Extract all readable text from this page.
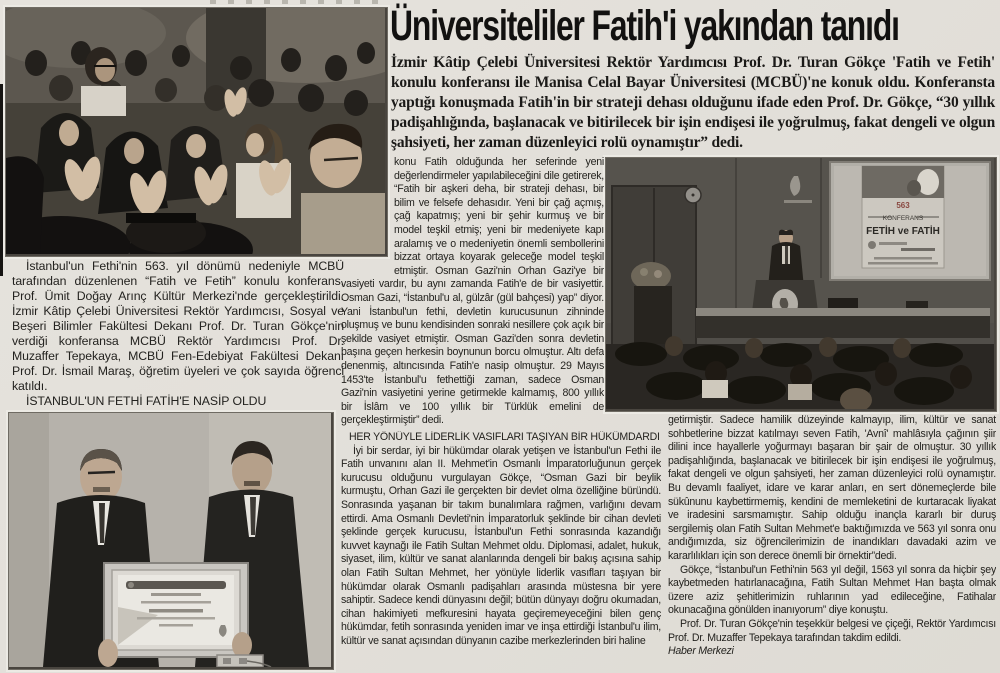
Üniversiteliler Fatih'i yakından tanıdı

İzmir Kâtip Çelebi Üniversitesi Rektör Yardımcısı Prof. Dr. Turan Gökçe 'Fatih ve Fetih' konulu konferansı ile Manisa Celal Bayar Üniversitesi (MCBÜ)'ne konuk oldu. Konferansta yaptığı konuşmada Fatih'in bir strateji dehası olduğunu ifade eden Prof. Dr. Gökçe, “30 yıllık padişahlığında, başlanacak ve bitirilecek bir işin endişesi ile yoğrulmuş, fakat dengeli ve olgun şahsiyeti, her zaman düzenleyici rolü oynamıştır” dedi.

İstanbul'un Fethi'nin 563. yıl dönümü nedeniyle MCBÜ tarafından düzenlenen “Fatih ve Fetih” konulu konferans, Prof. Ümit Doğay Arınç Kültür Merkezi'nde gerçekleştirildi. İzmir Kâtip Çelebi Üniversitesi Rektör Yardımcısı, Sosyal ve Beşeri Bilimler Fakültesi Dekanı Prof. Dr. Turan Gökçe'nin verdiği konferansa MCBÜ Rektör Yardımcısı Prof. Dr. Muzaffer Tepekaya, MCBÜ Fen-Edebiyat Fakültesi Dekanı Prof. Dr. İsmail Maraş, öğretim üyeleri ve çok sayıda öğrenci katıldı.

İSTANBUL'UN FETHİ FATİH'E NASİP OLDU

563
KONFERANS
FETİH ve FATİH

konu Fatih olduğunda her seferinde yeni değerlendirmeler yapılabileceğini dile getirerek, “Fatih bir aşkeri deha, bir strateji dehası, bir bilim ve felsefe dehasıdır. Yeni bir çağ açmış, çağ kapatmış; yeni bir şehir kurmuş ve bir model teşkil etmiş; yeni bir medeniyete kapı aralamış ve o medeniyetin önemli sembollerini bizzat ortaya koyarak geleceğe model teşkil etmiştir. Osman Gazi'nin Orhan Gazi'ye bir vasiyeti vardır, bu aynı zamanda Fatih'e de bir vasiyettir. Osman Gazi, “İstanbul'u al, gülzâr (gül bahçesi) yap” diyor. Yani İstanbul'un fethi, devletin kurucusunun zihninde oluşmuş ve bunu kendisinden sonraki nesillere çok açık bir şekilde vasiyet etmiştir. Osman Gazi'den sonra devletin başına geçen herkesin boynunun borcu olmuştur. Altı defa denenmiş, altıncısında Fatih'e nasip olmuştur. 29 Mayıs 1453'te İstanbul'u fethettiği zaman, sadece Osman Gazi'nin vasiyetini yerine getirmekle kalmamış, 800 yıllık bir İslâm ve 100 yıllık bir Türklük emelini de gerçekleştirmiştir” dedi.

HER YÖNÜYLE LİDERLİK VASIFLARI TAŞIYAN BİR HÜKÜMDARDI

İyi bir serdar, iyi bir hükümdar olarak yetişen ve İstanbul'un Fethi ile Fatih unvanını alan II. Mehmet'in Osmanlı İmparatorluğunun gerçek kurucusu olduğunu vurgulayan Gökçe, “Osman Gazi bir beylik kurmuştu, Orhan Gazi ile gerçekten bir devlet olma özelliğine büründü. Sonrasında yaşanan bir takım bunalımlara rağmen, varlığını devam ettirdi. Ama Osmanlı Devleti'nin İmparatorluk şeklinde bir cihan devleti şeklinde gerçek kurucusu, İstanbul'un Fethi sonrasında kazandığı kuvvet kaynağı ile Fatih Sultan Mehmet oldu. Diplomasi, adalet, hukuk, siyaset, ilim, kültür ve sanat alanlarında dengeli bir bakış açısına sahip olan Fatih Sultan Mehmet, her yönüyle liderlik vasıfları taşıyan bir hükümdar olarak Osmanlı padişahları arasında müstesna bir yere sahiptir. Sadece kendi dünyasını değil; bütün dünyayı doğru okumadan, cihan hakimiyeti mefkuresini hayata geçiremeyeceğini bilen genç hükümdar, fetih sonrasında yeniden imar ve inşa ettirdiği İstanbul'u ilim, kültür ve sanat açısından dünyanın cazibe merkezlerinden biri haline

getirmiştir. Sadece hamilik düzeyinde kalmayıp, ilim, kültür ve sanat sohbetlerine bizzat katılmayı seven Fatih, 'Avnî' mahlâsıyla çağının şiir dilini ince hayallerle yoğurmayı başaran bir şair de olmuştur. 30 yıllık padişahlığında, başlanacak ve bitirilecek bir işin endişesi ile yoğrulmuş, fakat dengeli ve olgun şahsiyeti, her zaman düzenleyici rolü oynamıştır. Bu devamlı faaliyet, idare ve karar anları, en sert dönemeçlerde bile sükûnunu kaybettirmemiş, kendini de memleketini de kurtaracak liyakat ve iradesini sarsmamıştır. Sahip olduğu inançla kararlı bir duruş sergilemiş olan Fatih Sultan Mehmet'e baktığımızda ve 563 yıl sonra onu andığımızda, siz öğrencilerimizin de inandıkları davadaki azim ve kararlılıkları için son derece önemli bir örnektir”dedi.

Gökçe, “İstanbul'un Fethi'nin 563 yıl değil, 1563 yıl sonra da hiçbir şey kaybetmeden hatırlanacağına, Fatih Sultan Mehmet Han başta olmak üzere aziz şehitlerimizin ruhlarının yad edileceğine, Fatihalar okunacağına gönülden inanıyorum” diye konuştu.

Prof. Dr. Turan Gökçe'nin teşekkür belgesi ve çiçeği, Rektör Yardımcısı Prof. Dr. Muzaffer Tepekaya tarafından takdim edildi.

Haber Merkezi
